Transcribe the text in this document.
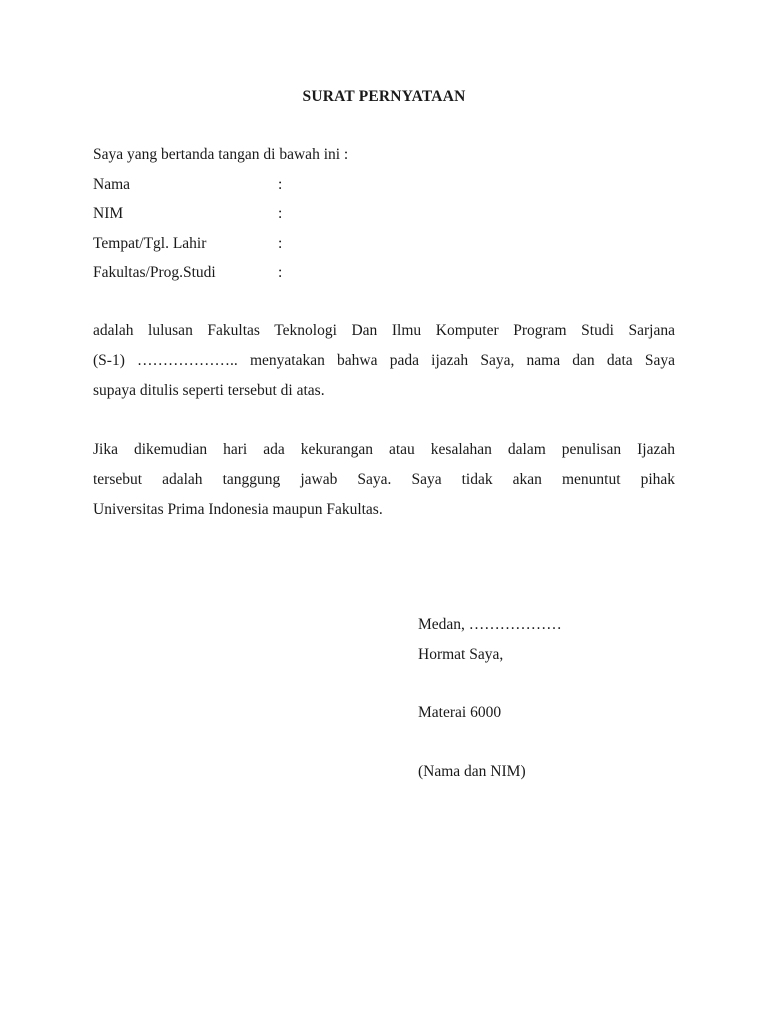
SURAT PERNYATAAN
Saya yang bertanda tangan di bawah ini :
Nama	:
NIM	:
Tempat/Tgl. Lahir	:
Fakultas/Prog.Studi	:
adalah lulusan Fakultas Teknologi Dan Ilmu Komputer Program Studi Sarjana
(S-1) ……………….. menyatakan bahwa pada ijazah Saya, nama dan data Saya
supaya ditulis seperti tersebut di atas.
Jika dikemudian hari ada kekurangan atau kesalahan dalam penulisan Ijazah
tersebut adalah tanggung jawab Saya. Saya tidak akan menuntut pihak
Universitas Prima Indonesia maupun Fakultas.
Medan, ………………
Hormat Saya,
Materai 6000
(Nama dan NIM)
